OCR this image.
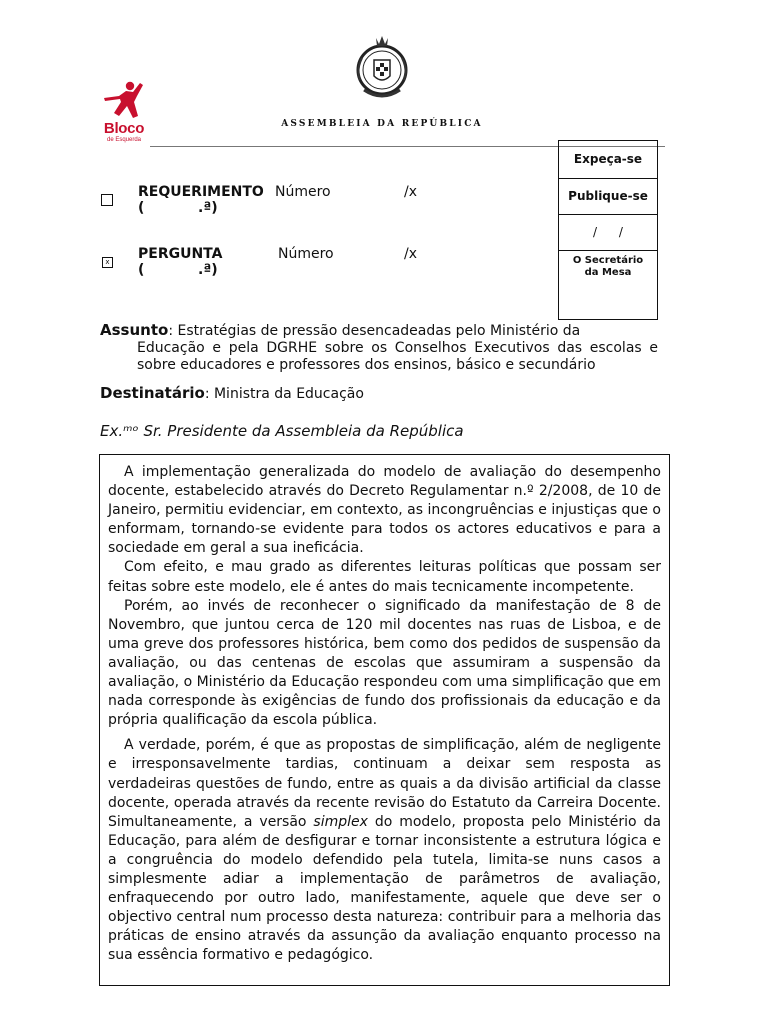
Bloco
de Esquerda
ASSEMBLEIA DA REPÚBLICA
Expeça-se
Publique-se
/ /
O Secretário
da Mesa
REQUERIMENTO Número	/x
(           .ª)
x PERGUNTA	Número	/x
(           .ª)
Assunto: Estratégias de pressão desencadeadas pelo Ministério da
Educação e pela DGRHE sobre os Conselhos Executivos das escolas e sobre educadores e professores dos ensinos, básico e secundário
Destinatário: Ministra da Educação
Ex.ᵐᵒ Sr. Presidente da Assembleia da República

A implementação generalizada do modelo de avaliação do desempenho docente, estabelecido através do Decreto Regulamentar n.º 2/2008, de 10 de Janeiro, permitiu evidenciar, em contexto, as incongruências e injustiças que o enformam, tornando-se evidente para todos os actores educativos e para a sociedade em geral a sua ineficácia.

Com efeito, e mau grado as diferentes leituras políticas que possam ser feitas sobre este modelo, ele é antes do mais tecnicamente incompetente.

Porém, ao invés de reconhecer o significado da manifestação de 8 de Novembro, que juntou cerca de 120 mil docentes nas ruas de Lisboa, e de uma greve dos professores histórica, bem como dos pedidos de suspensão da avaliação, ou das centenas de escolas que assumiram a suspensão da avaliação, o Ministério da Educação respondeu com uma simplificação que em nada corresponde às exigências de fundo dos profissionais da educação e da própria qualificação da escola pública.

A verdade, porém, é que as propostas de simplificação, além de negligente e irresponsavelmente tardias, continuam a deixar sem resposta as verdadeiras questões de fundo, entre as quais a da divisão artificial da classe docente, operada através da recente revisão do Estatuto da Carreira Docente. Simultaneamente, a versão simplex do modelo, proposta pelo Ministério da Educação, para além de desfigurar e tornar inconsistente a estrutura lógica e a congruência do modelo defendido pela tutela, limita-se nuns casos a simplesmente adiar a implementação de parâmetros de avaliação, enfraquecendo por outro lado, manifestamente, aquele que deve ser o objectivo central num processo desta natureza: contribuir para a melhoria das práticas de ensino através da assunção da avaliação enquanto processo na sua essência formativo e pedagógico.
